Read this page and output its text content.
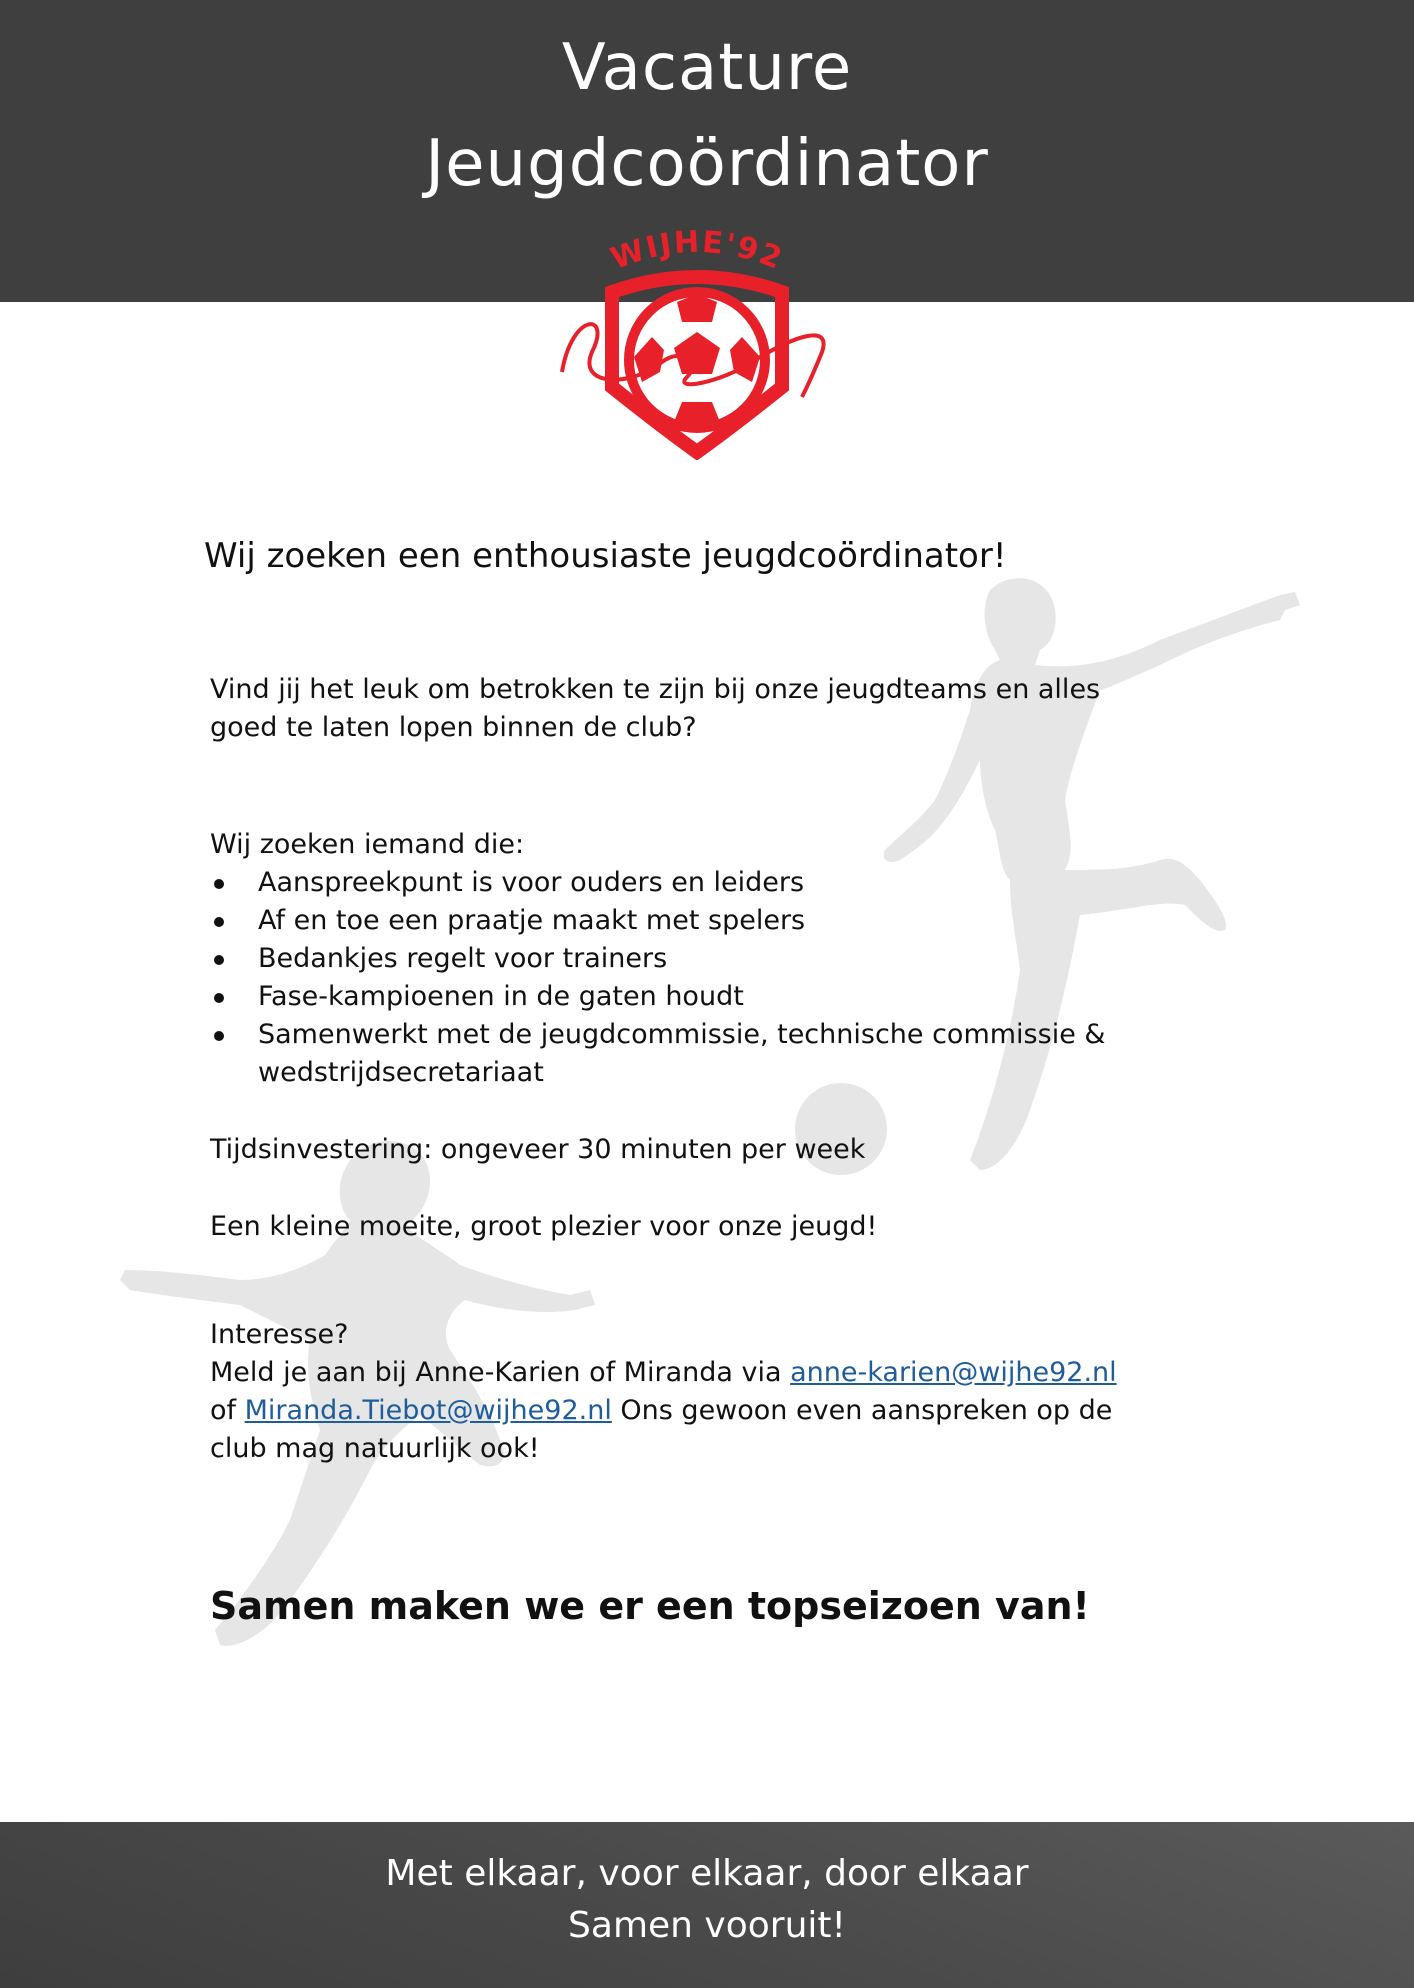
Vacature
Jeugdcoördinator
WIJHE'92
Wij zoeken een enthousiaste jeugdcoördinator!
Vind jij het leuk om betrokken te zijn bij onze jeugdteams en alles
goed te laten lopen binnen de club?
Wij zoeken iemand die:
Aanspreekpunt is voor ouders en leiders
Af en toe een praatje maakt met spelers
Bedankjes regelt voor trainers
Fase-kampioenen in de gaten houdt
Samenwerkt met de jeugdcommissie, technische commissie &
wedstrijdsecretariaat
Tijdsinvestering: ongeveer 30 minuten per week
Een kleine moeite, groot plezier voor onze jeugd!
Interesse?
Meld je aan bij Anne-Karien of Miranda via anne-karien@wijhe92.nl
of Miranda.Tiebot@wijhe92.nl Ons gewoon even aanspreken op de
club mag natuurlijk ook!
Samen maken we er een topseizoen van!
Met elkaar, voor elkaar, door elkaar
Samen vooruit!
